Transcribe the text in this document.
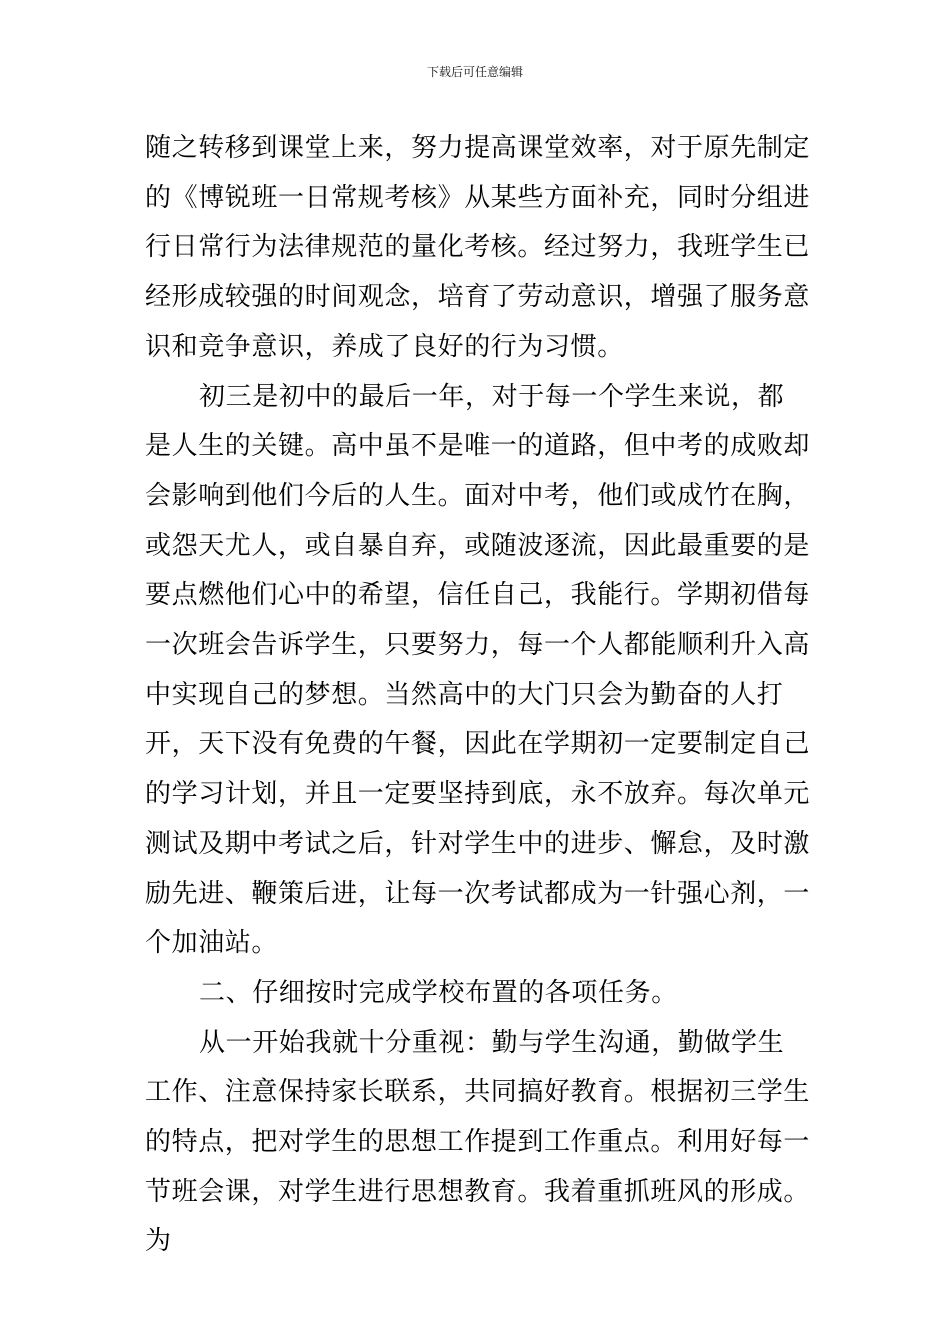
下载后可任意编辑

随之转移到课堂上来，努力提高课堂效率，对于原先制定的《博锐班一日常规考核》从某些方面补充，同时分组进行日常行为法律规范的量化考核。经过努力，我班学生已经形成较强的时间观念，培育了劳动意识，增强了服务意识和竞争意识，养成了良好的行为习惯。

初三是初中的最后一年，对于每一个学生来说，都是人生的关键。高中虽不是唯一的道路，但中考的成败却会影响到他们今后的人生。面对中考，他们或成竹在胸，或怨天尤人，或自暴自弃，或随波逐流，因此最重要的是要点燃他们心中的希望，信任自己，我能行。学期初借每一次班会告诉学生，只要努力，每一个人都能顺利升入高中实现自己的梦想。当然高中的大门只会为勤奋的人打开，天下没有免费的午餐，因此在学期初一定要制定自己的学习计划，并且一定要坚持到底，永不放弃。每次单元测试及期中考试之后，针对学生中的进步、懈怠，及时激励先进、鞭策后进，让每一次考试都成为一针强心剂，一个加油站。

二、仔细按时完成学校布置的各项任务。

从一开始我就十分重视：勤与学生沟通，勤做学生工作、注意保持家长联系，共同搞好教育。根据初三学生的特点，把对学生的思想工作提到工作重点。利用好每一节班会课，对学生进行思想教育。我着重抓班风的形成。为
